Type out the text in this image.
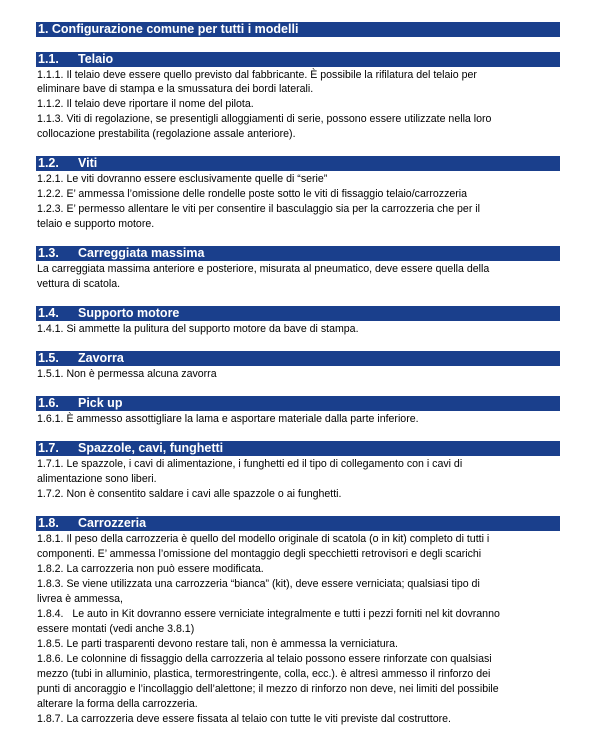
1. Configurazione comune per tutti i modelli
1.1. Telaio
1.1.1. Il telaio deve essere quello previsto dal fabbricante. È possibile la rifilatura del telaio per
eliminare bave di stampa e la smussatura dei bordi laterali.
1.1.2. Il telaio deve riportare il nome del pilota.
1.1.3. Viti di regolazione, se presentigli alloggiamenti di serie, possono essere utilizzate nella loro
collocazione prestabilita (regolazione assale anteriore).
1.2. Viti
1.2.1. Le viti dovranno essere esclusivamente quelle di “serie”
1.2.2. E’ ammessa l’omissione delle rondelle poste sotto le viti di fissaggio telaio/carrozzeria
1.2.3. E’ permesso allentare le viti per consentire il basculaggio sia per la carrozzeria che per il
telaio e supporto motore.
1.3. Carreggiata massima
La carreggiata massima anteriore e posteriore, misurata al pneumatico, deve essere quella della
vettura di scatola.
1.4. Supporto motore
1.4.1. Si ammette la pulitura del supporto motore da bave di stampa.
1.5. Zavorra
1.5.1. Non è permessa alcuna zavorra
1.6. Pick up
1.6.1. È ammesso assottigliare la lama e asportare materiale dalla parte inferiore.
1.7. Spazzole, cavi, funghetti
1.7.1. Le spazzole, i cavi di alimentazione, i funghetti ed il tipo di collegamento con i cavi di
alimentazione sono liberi.
1.7.2. Non è consentito saldare i cavi alle spazzole o ai funghetti.
1.8. Carrozzeria
1.8.1. Il peso della carrozzeria è quello del modello originale di scatola (o in kit) completo di tutti i
componenti. E’ ammessa l’omissione del montaggio degli specchietti retrovisori e degli scarichi
1.8.2. La carrozzeria non può essere modificata.
1.8.3. Se viene utilizzata una carrozzeria “bianca” (kit), deve essere verniciata; qualsiasi tipo di
livrea è ammessa,
1.8.4.   Le auto in Kit dovranno essere verniciate integralmente e tutti i pezzi forniti nel kit dovranno
essere montati (vedi anche 3.8.1)
1.8.5. Le parti trasparenti devono restare tali, non è ammessa la verniciatura.
1.8.6. Le colonnine di fissaggio della carrozzeria al telaio possono essere rinforzate con qualsiasi
mezzo (tubi in alluminio, plastica, termorestringente, colla, ecc.). è altresì ammesso il rinforzo dei
punti di ancoraggio e l’incollaggio dell’alettone; il mezzo di rinforzo non deve, nei limiti del possibile
alterare la forma della carrozzeria.
1.8.7. La carrozzeria deve essere fissata al telaio con tutte le viti previste dal costruttore.
